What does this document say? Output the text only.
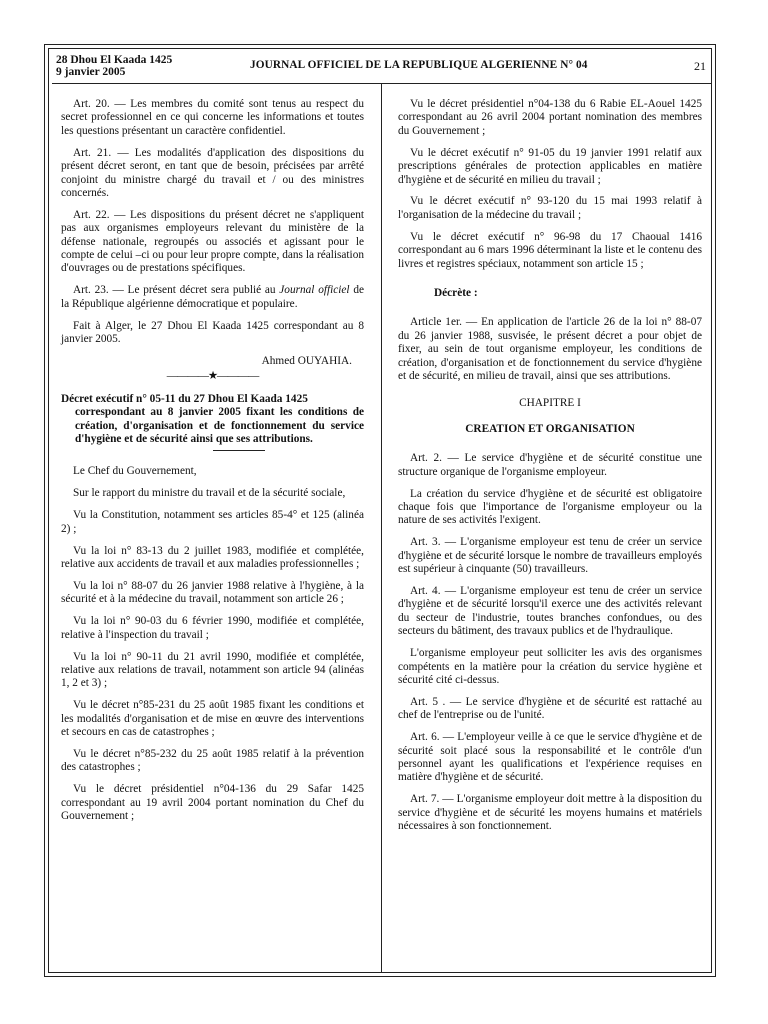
28 Dhou El Kaada 1425
9 janvier 2005
JOURNAL OFFICIEL DE LA REPUBLIQUE ALGERIENNE N° 04	21

Art. 20. — Les membres du comité sont tenus au respect du secret professionnel en ce qui concerne les informations et toutes les questions présentant un caractère confidentiel.

Art. 21. — Les modalités d'application des dispositions du présent décret seront, en tant que de besoin, précisées par arrêté conjoint du ministre chargé du travail et / ou des ministres concernés.

Art. 22. — Les dispositions du présent décret ne s'appliquent pas aux organismes employeurs relevant du ministère de la défense nationale, regroupés ou associés et agissant pour le compte de celui –ci ou pour leur propre compte, dans la réalisation d'ouvrages ou de prestations spécifiques.

Art. 23. — Le présent décret sera publié au Journal officiel de la République algérienne démocratique et populaire.

Fait à Alger, le 27 Dhou El Kaada 1425 correspondant au 8 janvier 2005.

Ahmed OUYAHIA.

————★————

Décret exécutif n° 05-11 du 27 Dhou El Kaada 1425
correspondant au 8 janvier 2005 fixant les conditions de création, d'organisation et de fonctionnement du service d'hygiène et de sécurité ainsi que ses attributions.

Le Chef du Gouvernement,

Sur le rapport du ministre du travail et de la sécurité sociale,

Vu la Constitution, notamment ses articles 85-4° et 125 (alinéa 2) ;

Vu la loi n° 83-13 du 2 juillet 1983, modifiée et complétée, relative aux accidents de travail et aux maladies professionnelles ;

Vu la loi n° 88-07 du 26 janvier 1988 relative à l'hygiène, à la sécurité et à la médecine du travail, notamment son article 26 ;

Vu la loi n° 90-03 du 6 février 1990, modifiée et complétée, relative à l'inspection du travail ;

Vu la loi n° 90-11 du 21 avril 1990, modifiée et complétée, relative aux relations de travail, notamment son article 94 (alinéas 1, 2 et 3) ;

Vu le décret n°85-231 du 25 août 1985 fixant les conditions et les modalités d'organisation et de mise en œuvre des interventions et secours en cas de catastrophes ;

Vu le décret n°85-232 du 25 août 1985 relatif à la prévention des catastrophes ;

Vu le décret présidentiel n°04-136 du 29 Safar 1425 correspondant au 19 avril 2004 portant nomination du Chef du Gouvernement ;

Vu le décret présidentiel n°04-138 du 6 Rabie EL-Aouel 1425 correspondant au 26 avril 2004 portant nomination des membres du Gouvernement ;

Vu le décret exécutif n° 91-05 du 19 janvier 1991 relatif aux prescriptions générales de protection applicables en matière d'hygiène et de sécurité en milieu du travail ;

Vu le décret exécutif n° 93-120 du 15 mai 1993 relatif à l'organisation de la médecine du travail ;

Vu le décret exécutif n° 96-98 du 17 Chaoual 1416 correspondant au 6 mars 1996 déterminant la liste et le contenu des livres et registres spéciaux, notamment son article 15 ;

Décrète :

Article 1er. — En application de l'article 26 de la loi n° 88-07 du 26 janvier 1988, susvisée, le présent décret a pour objet de fixer, au sein de tout organisme employeur, les conditions de création, d'organisation et de fonctionnement du service d'hygiène et de sécurité, en milieu de travail, ainsi que ses attributions.

CHAPITRE I

CREATION ET ORGANISATION

Art. 2. — Le service d'hygiène et de sécurité constitue une structure organique de l'organisme employeur.

La création du service d'hygiène et de sécurité est obligatoire chaque fois que l'importance de l'organisme employeur ou la nature de ses activités l'exigent.

Art. 3. — L'organisme employeur est tenu de créer un service d'hygiène et de sécurité lorsque le nombre de travailleurs employés est supérieur à cinquante (50) travailleurs.

Art. 4. — L'organisme employeur est tenu de créer un service d'hygiène et de sécurité lorsqu'il exerce une des activités relevant du secteur de l'industrie, toutes branches confondues, ou des secteurs du bâtiment, des travaux publics et de l'hydraulique.

L'organisme employeur peut solliciter les avis des organismes compétents en la matière pour la création du service hygiène et sécurité cité ci-dessus.

Art. 5 . — Le service d'hygiène et de sécurité est rattaché au chef de l'entreprise ou de l'unité.

Art. 6. — L'employeur veille à ce que le service d'hygiène et de sécurité soit placé sous la responsabilité et le contrôle d'un personnel ayant les qualifications et l'expérience requises en matière d'hygiène et de sécurité.

Art. 7. — L'organisme employeur doit mettre à la disposition du service d'hygiène et de sécurité les moyens humains et matériels nécessaires à son fonctionnement.
